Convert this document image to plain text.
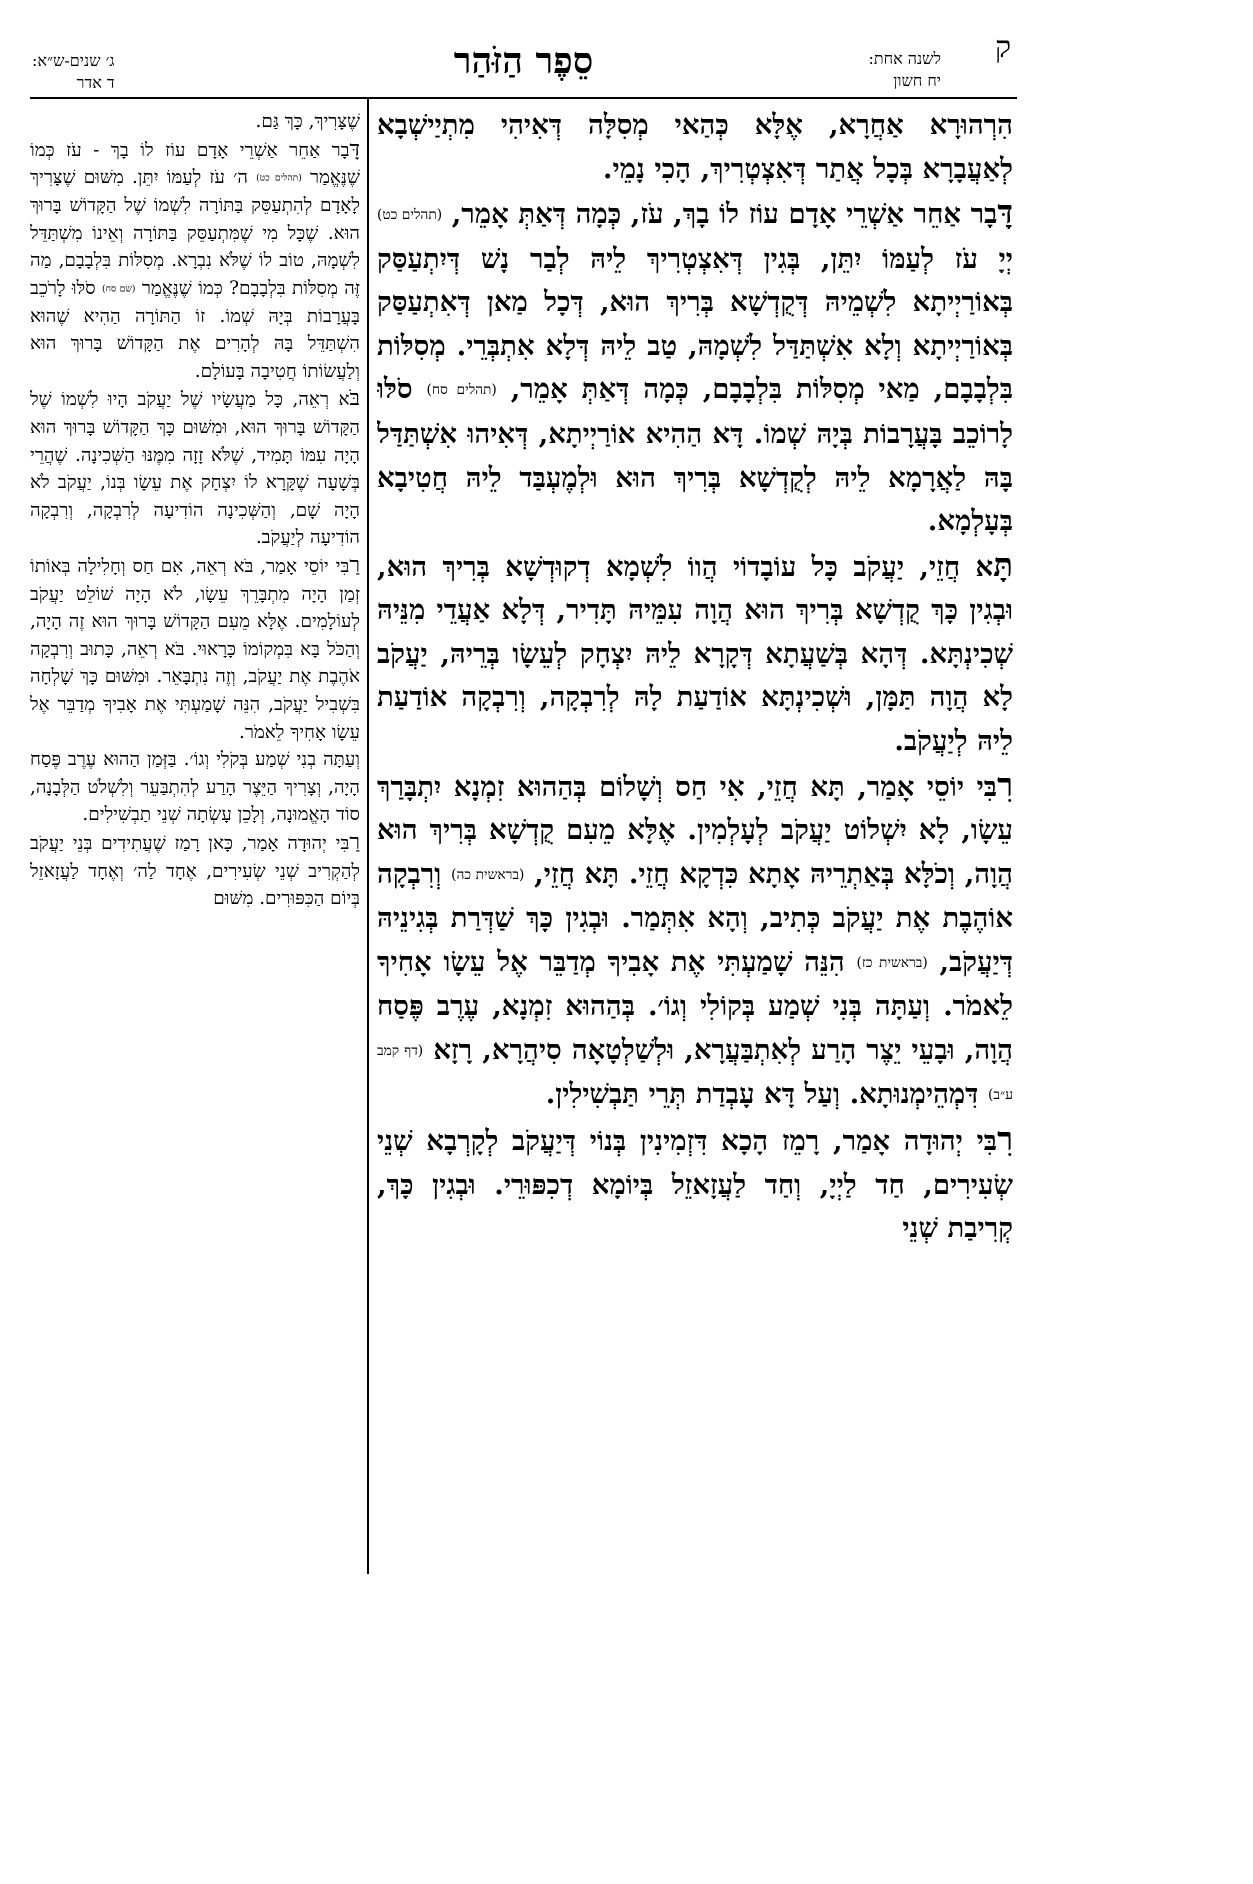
ק
לשנה אחת:
יח חשון
סֵפֶר הַזֹּהַר
ג׳ שנים-ש״א:
ד אדר

הִרְהוּרָא אַחֲרָא, אֶלָּא כְּהַאי מְסִלָּה דְּאִיהִי מִתְיַישְׁבָא לְאַעֲבָרָא בְּכָל אֲתַר דְּאִצְטְרִיךְ, הָכִי נָמֵי.

דָּבָר אַחֵר אַשְׁרֵי אָדָם עוֹז לוֹ בָךְ, עֹז, כְּמָה דְּאַתְּ אָמֵר, (תהלים כט) יְיָ עֹז לְעַמּוֹ יִתֵּן, בְּגִין דְּאִצְטְרִיךְ לֵיהּ לְבַר נָשׁ דְּיִתְעַסַּק בְּאוֹרַיְיתָא לִשְׁמֵיהּ דְּקֻדְשָׁא בְּרִיךְ הוּא, דְּכָל מַאן דְּאִתְעַסַּק בְּאוֹרַיְיתָא וְלָא אִשְׁתַּדַּל לִשְׁמָהּ, טַב לֵיהּ דְּלָא אִתְבְּרֵי. מְסִלּוֹת בִּלְבָבָם, מַאי מְסִלּוֹת בִּלְבָבָם, כְּמָה דְּאַתְּ אָמֵר, (תהלים סח) סֹלּוּ לָרוֹכֵב בָּעֲרָבוֹת בְּיָהּ שְׁמוֹ. דָּא הַהִיא אוֹרַיְיתָא, דְּאִיהוּ אִשְׁתַּדַּל בָּהּ לַאֲרָמָא לֵיהּ לְקֻדְשָׁא בְּרִיךְ הוּא וּלְמֶעְבַּד לֵיהּ חֲטִיבָא בְּעָלְמָא.

תָּא חֲזֵי, יַעֲקֹב כָּל עוֹבָדוֹי הֲווֹ לִשְׁמָא דְקוּדְשָׁא בְּרִיךְ הוּא, וּבְגִין כָּךְ קֻדְשָׁא בְּרִיךְ הוּא הֲוָה עִמֵּיהּ תָּדִיר, דְּלָא אַעֲדֵי מִנֵּיהּ שְׁכִינְתָּא. דְּהָא בְּשַׁעֲתָא דְּקָרָא לֵיהּ יִצְחָק לְעֵשָׂו בְּרֵיהּ, יַעֲקֹב לָא הֲוָה תַּמָּן, וּשְׁכִינְתָּא אוֹדַעַת לָהּ לְרִבְקָה, וְרִבְקָה אוֹדַעַת לֵיהּ לְיַעֲקֹב.

רִבִּי יוֹסֵי אָמַר, תָּא חֲזֵי, אִי חַס וְשָׁלוֹם בְּהַהוּא זִמְנָא יִתְבָּרַךְ עֵשָׂו, לָא יִשְׁלוֹט יַעֲקֹב לְעָלְמִין. אֶלָּא מֵעִם קֻדְשָׁא בְּרִיךְ הוּא הֲוָה, וְכֹלָּא בְּאַתְרֵיהּ אָתָא כִּדְקָא חֲזֵי. תָּא חֲזֵי, (בראשית כה) וְרִבְקָה אוֹהֶבֶת אֶת יַעֲקֹב כְּתִיב, וְהָא אִתְּמַר. וּבְגִין כָּךְ שַׁדְּרַת בְּגִינֵיהּ דְּיַעֲקֹב, (בראשית כז) הִנֵּה שָׁמַעְתִּי אֶת אָבִיךָ מְדַבֵּר אֶל עֵשָׂו אָחִיךָ לֵאמֹר. וְעַתָּה בְּנִי שְׁמַע בְּקוֹלִי וְגוֹ׳. בְּהַהוּא זִמְנָא, עֶרֶב פֶּסַח הֲוָה, וּבָעֵי יֵצֶר הָרַע לְאִתְבַּעֲרָא, וּלְשַׁלְטָאָה סִיהֲרָא, רָזָא (דף קמב ע״ב) דִּמְהֵימְנוּתָא. וְעַל דָּא עָבְדַת תְּרֵי תַּבְשִׁילִין.

רִבִּי יְהוּדָה אָמַר, רָמֵז הָכָא דִּזְמִינִין בְּנוֹי דְּיַעֲקֹב לְקָרְבָא שְׁנֵי שְׂעִירִים, חַד לַיְיָ, וְחַד לַעֲזָאזֵל בְּיוֹמָא דְכִפּוּרֵי. וּבְגִין כָּךְ, קְרִיבַת שְׁנֵי

שֶׁצָּרִיךְ, כָּךְ גַּם.

דָּבָר אַחֵר אַשְׁרֵי אָדָם עוֹז לוֹ בָךְ - עֹז כְּמוֹ שֶׁנֶּאֱמַר (תהלים כט) ה׳ עֹז לְעַמּוֹ יִתֵּן. מִשּׁוּם שֶׁצָּרִיךְ לָאָדָם לְהִתְעַסֵּק בַּתּוֹרָה לִשְׁמוֹ שֶׁל הַקָּדוֹשׁ בָּרוּךְ הוּא. שֶׁכָּל מִי שֶׁמִּתְעַסֵּק בַּתּוֹרָה וְאֵינוֹ מִשְׁתַּדֵּל לִשְׁמָהּ, טוֹב לוֹ שֶׁלֹּא נִבְרָא. מְסִלּוֹת בִּלְבָבָם, מַה זֶּה מְסִלּוֹת בִּלְבָבָם? כְּמוֹ שֶׁנֶּאֱמַר (שם סח) סֹלּוּ לָרֹכֵב בָּעֲרָבוֹת בְּיָהּ שְׁמוֹ. זוֹ הַתּוֹרָה הַהִיא שֶׁהוּא הִשְׁתַּדֵּל בָּהּ לְהָרִים אֶת הַקָּדוֹשׁ בָּרוּךְ הוּא וְלַעֲשׂוֹתוֹ חֲטִיבָה בָּעוֹלָם.

בֹּא רְאֵה, כָּל מַעֲשָׂיו שֶׁל יַעֲקֹב הָיוּ לִשְׁמוֹ שֶׁל הַקָּדוֹשׁ בָּרוּךְ הוּא, וּמִשּׁוּם כָּךְ הַקָּדוֹשׁ בָּרוּךְ הוּא הָיָה עִמּוֹ תָּמִיד, שֶׁלֹּא זָזָה מִמֶּנּוּ הַשְּׁכִינָה. שֶׁהֲרֵי בְּשָׁעָה שֶׁקָּרָא לוֹ יִצְחָק אֶת עֵשָׂו בְּנוֹ, יַעֲקֹב לֹא הָיָה שָׁם, וְהַשְּׁכִינָה הוֹדִיעָה לְרִבְקָה, וְרִבְקָה הוֹדִיעָה לְיַעֲקֹב.

רַבִּי יוֹסֵי אָמַר, בֹּא רְאֵה, אִם חַס וְחָלִילָה בְּאוֹתוֹ זְמַן הָיָה מִתְבָּרֵךְ עֵשָׂו, לֹא הָיָה שׁוֹלֵט יַעֲקֹב לְעוֹלָמִים. אֶלָּא מֵעִם הַקָּדוֹשׁ בָּרוּךְ הוּא זֶה הָיָה, וְהַכֹּל בָּא בִּמְקוֹמוֹ כָּרָאוּי. בֹּא רְאֵה, כָּתוּב וְרִבְקָה אֹהֶבֶת אֶת יַעֲקֹב, וְזֶה נִתְבָּאֵר. וּמִשּׁוּם כָּךְ שָׁלְחָה בִּשְׁבִיל יַעֲקֹב, הִנֵּה שָׁמַעְתִּי אֶת אָבִיךָ מְדַבֵּר אֶל עֵשָׂו אָחִיךָ לֵאמֹר.

וְעַתָּה בְנִי שְׁמַע בְּקֹלִי וְגוֹ׳. בַּזְּמַן הַהוּא עֶרֶב פֶּסַח הָיָה, וְצָרִיךְ הַיֵּצֶר הָרַע לְהִתְבַּעֵר וְלִשְׁלֹט הַלְּבָנָה, סוֹד הָאֱמוּנָה, וְלָכֵן עָשְׂתָה שְׁנֵי תַבְשִׁילִים.

רַבִּי יְהוּדָה אָמַר, כָּאן רָמַז שֶׁעֲתִידִים בְּנֵי יַעֲקֹב לְהַקְרִיב שְׁנֵי שְׂעִירִים, אֶחָד לַה׳ וְאֶחָד לַעֲזָאזֵל בְּיוֹם הַכִּפּוּרִים. מִשּׁוּם
